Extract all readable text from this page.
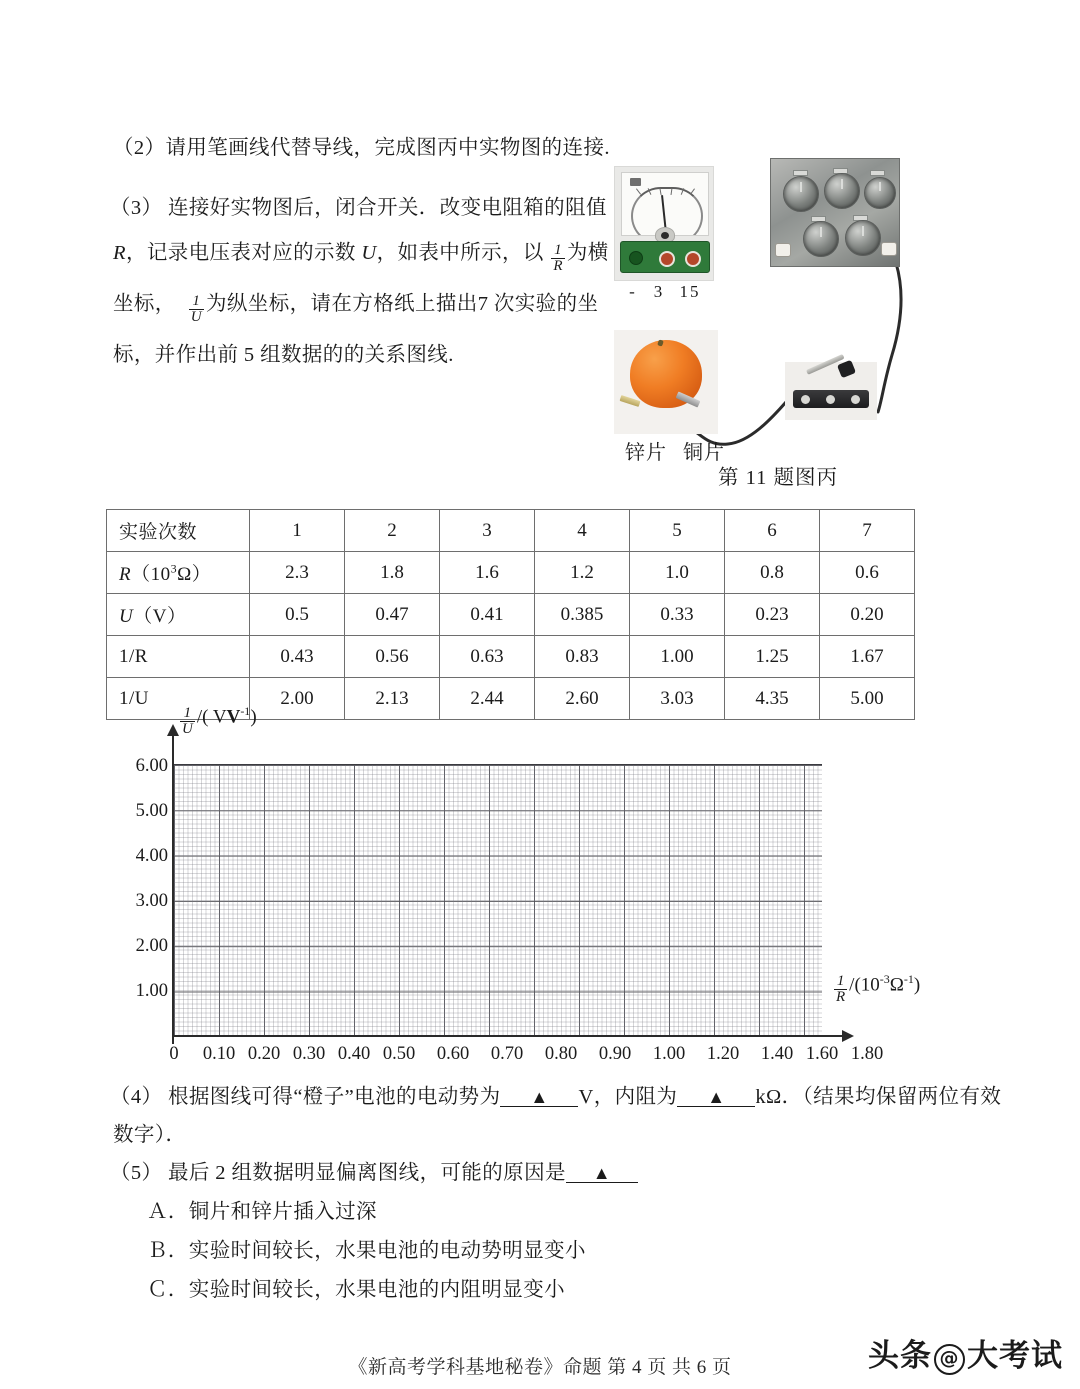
（2）请用笔画线代替导线，完成图丙中实物图的连接.
（3） 连接好实物图后，闭合开关．改变电阻箱的阻值
R，记录电压表对应的示数 U，如表中所示，以 $\frac{1}{R}$ 为横
坐标， $\frac{1}{U}$ 为纵坐标，请在方格纸上描出7 次实验的坐
标，并作出前 5 组数据的的关系图线.
- 3 15
锌片 铜片
第 11 题图丙
实验次数	1	2	3	4	5	6	7
$R(10^3\Omega)$	2.3	1.8	1.6	1.2	1.0	0.8	0.6
U（V）	0.5	0.47	0.41	0.385	0.33	0.23	0.20
1/R	0.43	0.56	0.63	0.83	1.00	1.25	1.67
1/U	2.00	2.13	2.44	2.60	3.03	4.35	5.00
$\frac{1}{U}$ /( $VV^{-1}$)
6.00
5.00
4.00
3.00
2.00
1.00
0 0.10 0.20 0.30 0.40 0.50 0.60 0.70 0.80 0.90 1.00 1.20 1.40 1.60 1.80
$\frac{1}{R} /(10^{-3}\Omega^{-1})$
（4） 根据图线可得“橙子”电池的电动势为 ▲ V，内阻为 ▲ kΩ．（结果均保留两位有效
数字）．
（5） 最后 2 组数据明显偏离图线，可能的原因是 ▲
Ａ．铜片和锌片插入过深
Ｂ．实验时间较长，水果电池的电动势明显变小
Ｃ．实验时间较长，水果电池的内阻明显变小
《新高考学科基地秘卷》命题 第 4 页 共 6 页	头条 @ 大考试
